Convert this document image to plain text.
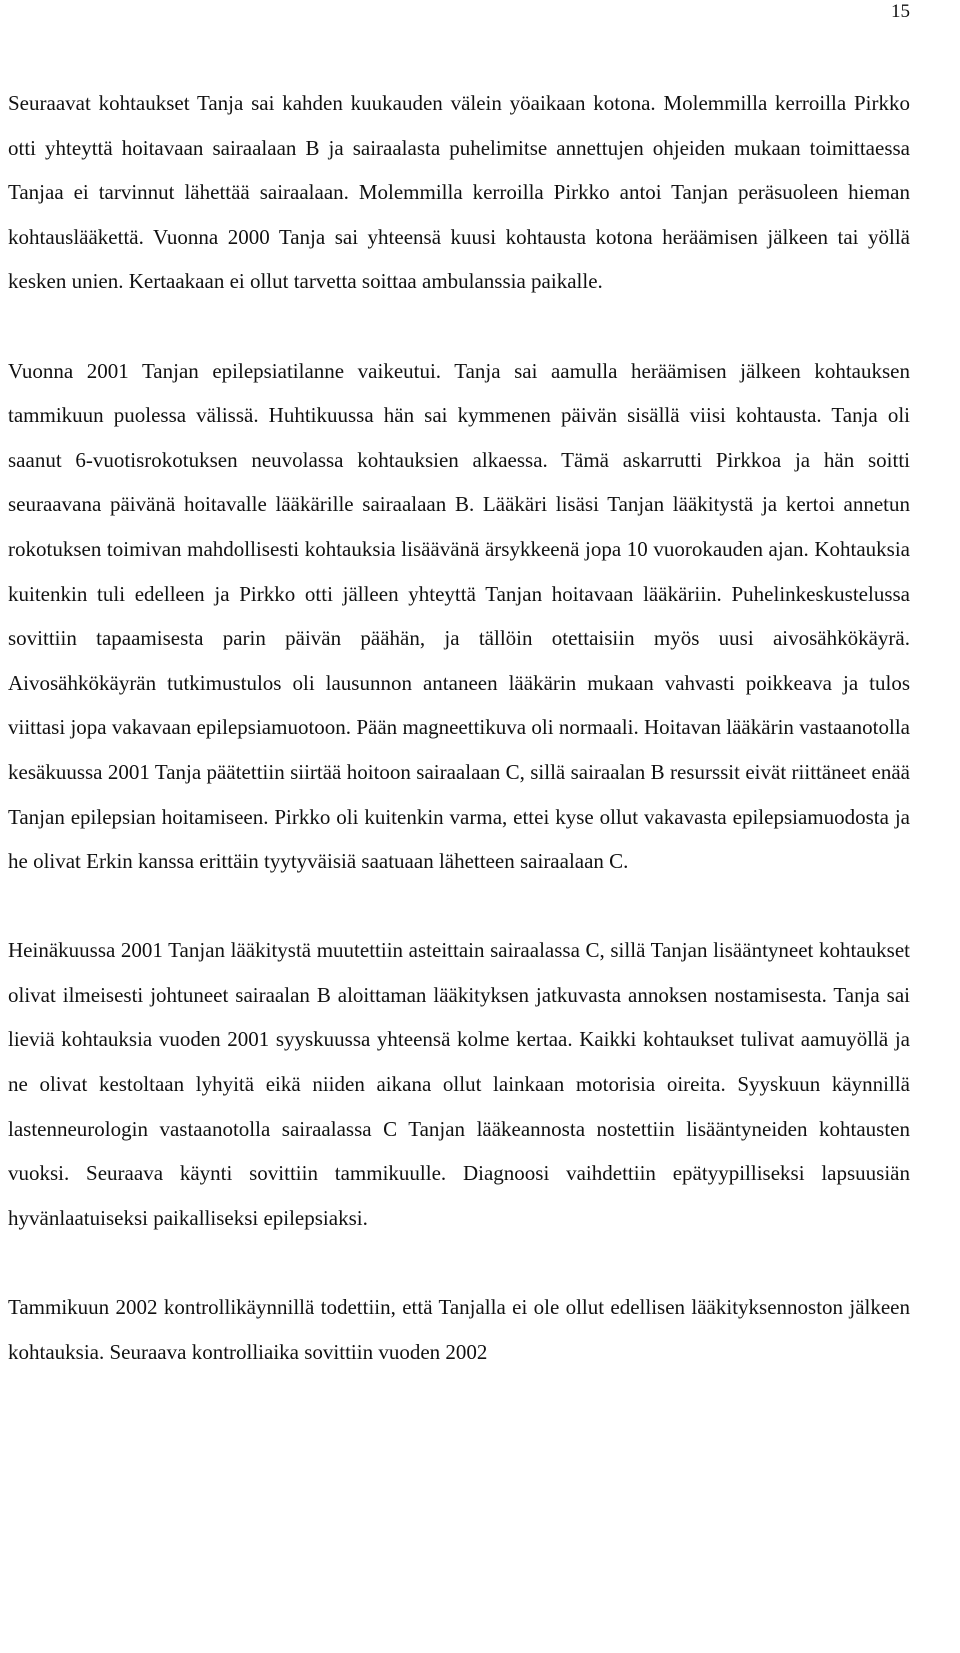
15

Seuraavat kohtaukset Tanja sai kahden kuukauden välein yöaikaan kotona. Molemmilla kerroilla Pirkko otti yhteyttä hoitavaan sairaalaan B ja sairaalasta puhelimitse annettujen ohjeiden mukaan toimittaessa Tanjaa ei tarvinnut lähettää sairaalaan. Molemmilla kerroilla Pirkko antoi Tanjan peräsuoleen hieman kohtauslääkettä. Vuonna 2000 Tanja sai yhteensä kuusi kohtausta kotona heräämisen jälkeen tai yöllä kesken unien. Kertaakaan ei ollut tarvetta soittaa ambulanssia paikalle.

Vuonna 2001 Tanjan epilepsiatilanne vaikeutui. Tanja sai aamulla heräämisen jälkeen kohtauksen tammikuun puolessa välissä. Huhtikuussa hän sai kymmenen päivän sisällä viisi kohtausta. Tanja oli saanut 6-vuotisrokotuksen neuvolassa kohtauksien alkaessa. Tämä askarrutti Pirkkoa ja hän soitti seuraavana päivänä hoitavalle lääkärille sairaalaan B. Lääkäri lisäsi Tanjan lääkitystä ja kertoi annetun rokotuksen toimivan mahdollisesti kohtauksia lisäävänä ärsykkeenä jopa 10 vuorokauden ajan. Kohtauksia kuitenkin tuli edelleen ja Pirkko otti jälleen yhteyttä Tanjan hoitavaan lääkäriin. Puhelinkeskustelussa sovittiin tapaamisesta parin päivän päähän, ja tällöin otettaisiin myös uusi aivosähkökäyrä. Aivosähkökäyrän tutkimustulos oli lausunnon antaneen lääkärin mukaan vahvasti poikkeava ja tulos viittasi jopa vakavaan epilepsiamuotoon. Pään magneettikuva oli normaali. Hoitavan lääkärin vastaanotolla kesäkuussa 2001 Tanja päätettiin siirtää hoitoon sairaalaan C, sillä sairaalan B resurssit eivät riittäneet enää Tanjan epilepsian hoitamiseen. Pirkko oli kuitenkin varma, ettei kyse ollut vakavasta epilepsiamuodosta ja he olivat Erkin kanssa erittäin tyytyväisiä saatuaan lähetteen sairaalaan C.

Heinäkuussa 2001 Tanjan lääkitystä muutettiin asteittain sairaalassa C, sillä Tanjan lisääntyneet kohtaukset olivat ilmeisesti johtuneet sairaalan B aloittaman lääkityksen jatkuvasta annoksen nostamisesta. Tanja sai lieviä kohtauksia vuoden 2001 syyskuussa yhteensä kolme kertaa. Kaikki kohtaukset tulivat aamuyöllä ja ne olivat kestoltaan lyhyitä eikä niiden aikana ollut lainkaan motorisia oireita. Syyskuun käynnillä lastenneurologin vastaanotolla sairaalassa C Tanjan lääkeannosta nostettiin lisääntyneiden kohtausten vuoksi. Seuraava käynti sovittiin tammikuulle. Diagnoosi vaihdettiin epätyypilliseksi lapsuusiän hyvänlaatuiseksi paikalliseksi epilepsiaksi.

Tammikuun 2002 kontrollikäynnillä todettiin, että Tanjalla ei ole ollut edellisen lääkityksennoston jälkeen kohtauksia. Seuraava kontrolliaika sovittiin vuoden 2002
